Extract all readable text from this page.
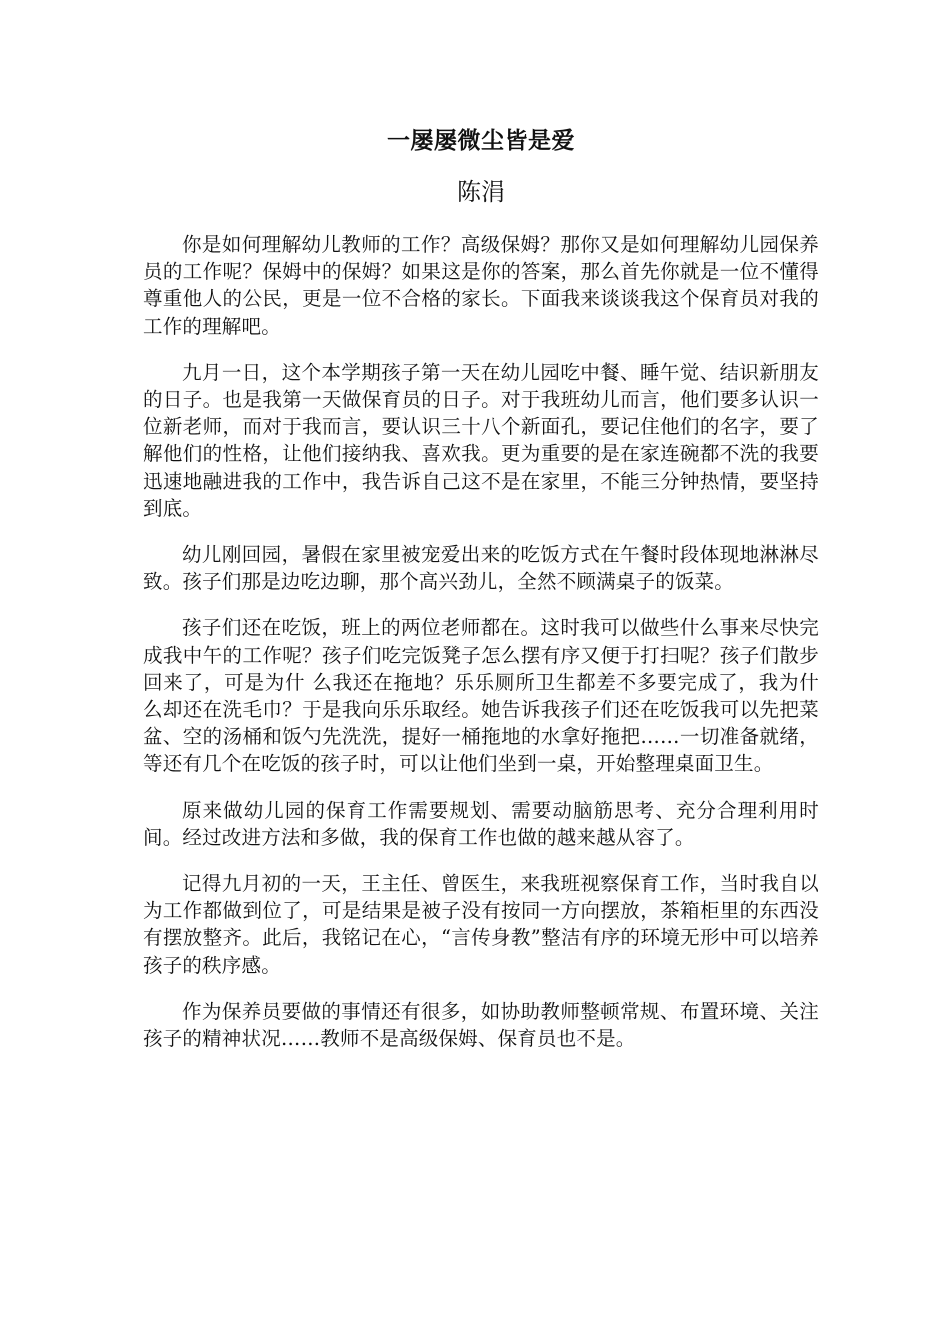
一屡屡微尘皆是爱
陈涓

你是如何理解幼儿教师的工作？高级保姆？那你又是如何理解幼儿园保养员的工作呢？保姆中的保姆？如果这是你的答案，那么首先你就是一位不懂得尊重他人的公民，更是一位不合格的家长。下面我来谈谈我这个保育员对我的工作的理解吧。

九月一日，这个本学期孩子第一天在幼儿园吃中餐、睡午觉、结识新朋友的日子。也是我第一天做保育员的日子。对于我班幼儿而言，他们要多认识一位新老师，而对于我而言，要认识三十八个新面孔，要记住他们的名字，要了解他们的性格，让他们接纳我、喜欢我。更为重要的是在家连碗都不洗的我要迅速地融进我的工作中，我告诉自己这不是在家里，不能三分钟热情，要坚持到底。

幼儿刚回园，暑假在家里被宠爱出来的吃饭方式在午餐时段体现地淋淋尽致。孩子们那是边吃边聊，那个高兴劲儿，全然不顾满桌子的饭菜。

孩子们还在吃饭，班上的两位老师都在。这时我可以做些什么事来尽快完成我中午的工作呢？孩子们吃完饭凳子怎么摆有序又便于打扫呢？孩子们散步回来了，可是为什 么我还在拖地？乐乐厕所卫生都差不多要完成了，我为什么却还在洗毛巾？于是我向乐乐取经。她告诉我孩子们还在吃饭我可以先把菜盆、空的汤桶和饭勺先洗洗，提好一桶拖地的水拿好拖把……一切准备就绪，等还有几个在吃饭的孩子时，可以让他们坐到一桌，开始整理桌面卫生。

原来做幼儿园的保育工作需要规划、需要动脑筋思考、充分合理利用时间。经过改进方法和多做，我的保育工作也做的越来越从容了。

记得九月初的一天，王主任、曾医生，来我班视察保育工作，当时我自以为工作都做到位了，可是结果是被子没有按同一方向摆放，茶箱柜里的东西没有摆放整齐。此后，我铭记在心，“言传身教”整洁有序的环境无形中可以培养孩子的秩序感。

作为保养员要做的事情还有很多，如协助教师整顿常规、布置环境、关注孩子的精神状况……教师不是高级保姆、保育员也不是。
